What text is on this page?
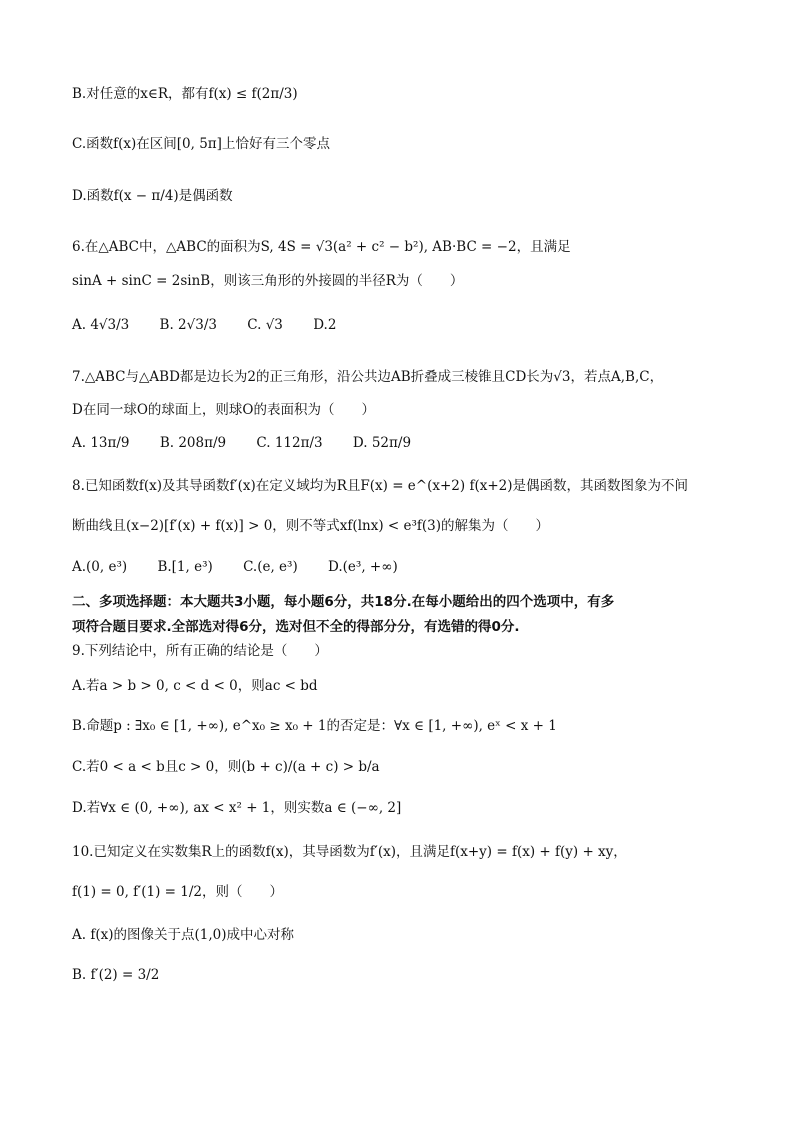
B.对任意的x∈R，都有f(x) ≤ f(2π/3)
C.函数f(x)在区间[0, 5π]上恰好有三个零点
D.函数f(x − π/4)是偶函数
6.在△ABC中，△ABC的面积为S, 4S = √3(a² + c² − b²), AB·BC = −2，且满足
sinA + sinC = 2sinB，则该三角形的外接圆的半径R为（　　）
A. 4√3/3 B. 2√3/3 C. √3 D.2
7.△ABC与△ABD都是边长为2的正三角形，沿公共边AB折叠成三棱锥且CD长为√3，若点A,B,C，
D在同一球O的球面上，则球O的表面积为（　　）
A. 13π/9 B. 208π/9 C. 112π/3 D. 52π/9
8.已知函数f(x)及其导函数f′(x)在定义域均为R且F(x) = e^(x+2) f(x+2)是偶函数，其函数图象为不间
断曲线且(x−2)[f′(x) + f(x)] > 0，则不等式xf(lnx) < e³f(3)的解集为（　　）
A.(0, e³) B.[1, e³) C.(e, e³) D.(e³, +∞)
二、多项选择题：本大题共3小题，每小题6分，共18分.在每小题给出的四个选项中，有多
项符合题目要求.全部选对得6分，选对但不全的得部分分，有选错的得0分.
9.下列结论中，所有正确的结论是（　　）
A.若a > b > 0, c < d < 0，则ac < bd
B.命题p : ∃x₀ ∈ [1, +∞), e^x₀ ≥ x₀ + 1的否定是：∀x ∈ [1, +∞), eˣ < x + 1
C.若0 < a < b且c > 0，则(b + c)/(a + c) > b/a
D.若∀x ∈ (0, +∞), ax < x² + 1，则实数a ∈ (−∞, 2]
10.已知定义在实数集R上的函数f(x)，其导函数为f′(x)，且满足f(x+y) = f(x) + f(y) + xy，
f(1) = 0, f′(1) = 1/2，则（　　）
A. f(x)的图像关于点(1,0)成中心对称
B. f′(2) = 3/2
